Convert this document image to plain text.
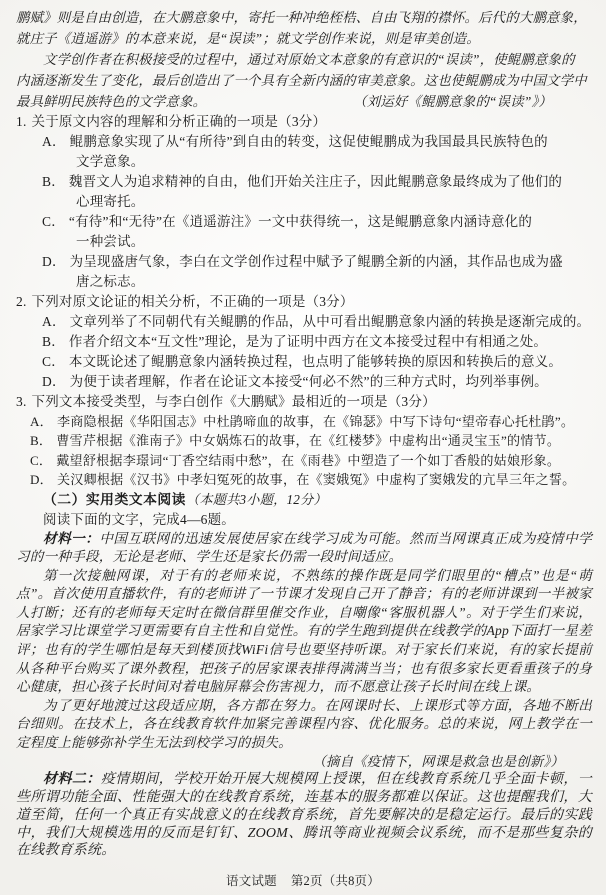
鹏赋》则是自由创造，在大鹏意象中，寄托一种冲绝桎梏、自由飞翔的襟怀。后代的大鹏意象，
就庄子《逍遥游》的本意来说，是“误读”；就文学创作来说，则是审美创造。
文学创作者在积极接受的过程中，通过对原始文本意象的有意识的“误读”，使鲲鹏意象的
内涵逐渐发生了变化，最后创造出了一个具有全新内涵的审美意象。这也使鲲鹏成为中国文学中
最具鲜明民族特色的文学意象。	（刘运好《鲲鹏意象的“误读”》）
1. 关于原文内容的理解和分析正确的一项是（3分）
A． 鲲鹏意象实现了从“有所待”到自由的转变，这促使鲲鹏成为我国最具民族特色的
文学意象。
B． 魏晋文人为追求精神的自由，他们开始关注庄子，因此鲲鹏意象最终成为了他们的
心理寄托。
C． “有待”和“无待”在《逍遥游注》一文中获得统一，这是鲲鹏意象内涵诗意化的
一种尝试。
D． 为呈现盛唐气象，李白在文学创作过程中赋予了鲲鹏全新的内涵，其作品也成为盛
唐之标志。
2. 下列对原文论证的相关分析，不正确的一项是（3分）
A． 文章列举了不同朝代有关鲲鹏的作品，从中可看出鲲鹏意象内涵的转换是逐渐完成的。
B． 作者介绍文本“互文性”理论，是为了证明中西方在文本接受过程中有相通之处。
C． 本文既论述了鲲鹏意象内涵转换过程，也点明了能够转换的原因和转换后的意义。
D． 为便于读者理解，作者在论证文本接受“何必不然”的三种方式时，均列举事例。
3. 下列文本接受类型，与李白创作《大鹏赋》最相近的一项是（3分）
A． 李商隐根据《华阳国志》中杜鹃啼血的故事，在《锦瑟》中写下诗句“望帝春心托杜鹃”。
B． 曹雪芹根据《淮南子》中女娲炼石的故事，在《红楼梦》中虚构出“通灵宝玉”的情节。
C． 戴望舒根据李璟词“丁香空结雨中愁”，在《雨巷》中塑造了一个如丁香般的姑娘形象。
D． 关汉卿根据《汉书》中孝妇冤死的故事，在《窦娥冤》中虚构了窦娥发的亢旱三年之誓。
（二）实用类文本阅读（本题共3小题，12分）
阅读下面的文字，完成4—6题。

材料一：中国互联网的迅速发展使居家在线学习成为可能。然而当网课真正成为疫情中学习的一种手段，无论是老师、学生还是家长仍需一段时间适应。

第一次接触网课，对于有的老师来说，不熟练的操作既是同学们眼里的“槽点”也是“萌点”。首次使用直播软件，有的老师讲了一节课才发现自己开了静音；有的老师讲课到一半被家人打断；还有的老师每天定时在微信群里催交作业，自嘲像“客服机器人”。对于学生们来说，居家学习比课堂学习更需要有自主性和自觉性。有的学生跑到提供在线教学的App下面打一星差评；也有的学生哪怕是每天到楼顶找WiFi信号也要坚持听课。对于家长们来说，有的家长提前从各种平台购买了课外教程，把孩子的居家课表排得满满当当；也有很多家长更看重孩子的身心健康，担心孩子长时间对着电脑屏幕会伤害视力，而不愿意让孩子长时间在线上课。

为了更好地渡过这段适应期，各方都在努力。在网课时长、上课形式等方面，各地不断出台细则。在技术上，各在线教育软件加紧完善课程内容、优化服务。总的来说，网上教学在一定程度上能够弥补学生无法到校学习的损失。

（摘自《疫情下，网课是救急也是创新》）

材料二：疫情期间，学校开始开展大规模网上授课，但在线教育系统几乎全面卡顿，一些所谓功能全面、性能强大的在线教育系统，连基本的服务都难以保证。这也提醒我们，大道至简，任何一个真正有实战意义的在线教育系统，首先要解决的是稳定运行。最后的实践中，我们大规模选用的反而是钉钉、ZOOM、腾讯等商业视频会议系统，而不是那些复杂的在线教育系统。

语文试题 第2页（共8页）
